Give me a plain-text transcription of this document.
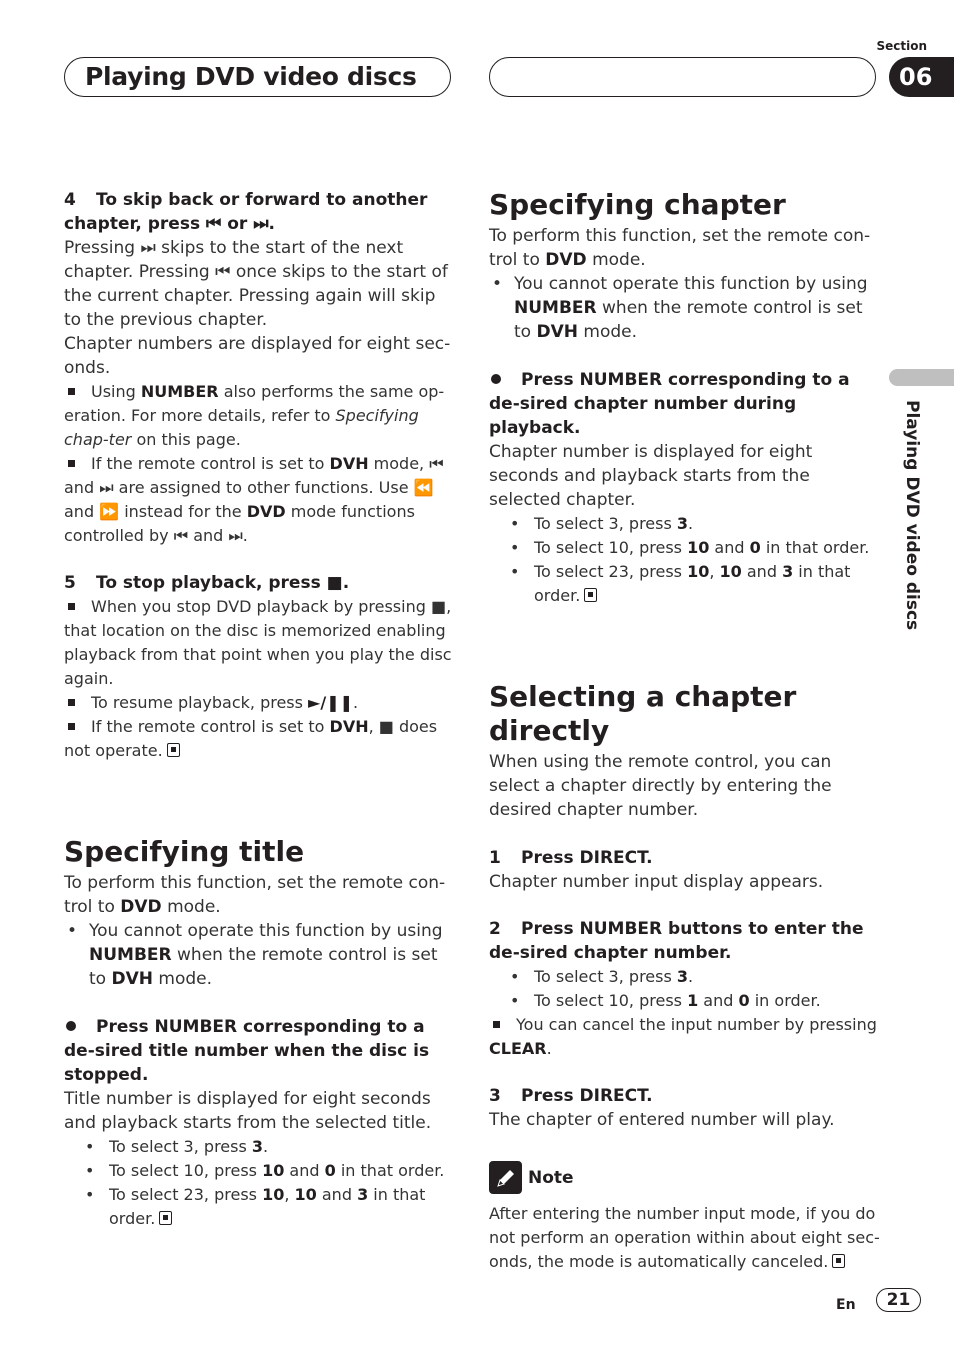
Playing DVD video discs
Section
06
Playing DVD video discs
4 To skip back or forward to another chapter, press ⏮ or ⏭.
Pressing ⏭ skips to the start of the next chapter. Pressing ⏮ once skips to the start of the current chapter. Pressing again will skip to the previous chapter.
Chapter numbers are displayed for eight sec-onds.
Using NUMBER also performs the same op-eration. For more details, refer to Specifying chap-ter on this page.
If the remote control is set to DVH mode, ⏮ and ⏭ are assigned to other functions. Use ⏪ and ⏩ instead for the DVD mode functions controlled by ⏮ and ⏭.
5 To stop playback, press ■.
When you stop DVD playback by pressing ■, that location on the disc is memorized enabling playback from that point when you play the disc again.
To resume playback, press ►/❚❚.
If the remote control is set to DVH, ■ does not operate.
Specifying title
To perform this function, set the remote con-trol to DVD mode.
• You cannot operate this function by using NUMBER when the remote control is set to DVH mode.
Press NUMBER corresponding to a de-sired title number when the disc is stopped.
Title number is displayed for eight seconds and playback starts from the selected title.
• To select 3, press 3.
• To select 10, press 10 and 0 in that order.
• To select 23, press 10, 10 and 3 in that order.
Specifying chapter
To perform this function, set the remote con-trol to DVD mode.
• You cannot operate this function by using NUMBER when the remote control is set to DVH mode.
Press NUMBER corresponding to a de-sired chapter number during playback.
Chapter number is displayed for eight seconds and playback starts from the selected chapter.
• To select 3, press 3.
• To select 10, press 10 and 0 in that order.
• To select 23, press 10, 10 and 3 in that order.
Selecting a chapter directly
When using the remote control, you can select a chapter directly by entering the desired chapter number.
1 Press DIRECT.
Chapter number input display appears.
2 Press NUMBER buttons to enter the de-sired chapter number.
• To select 3, press 3.
• To select 10, press 1 and 0 in order.
You can cancel the input number by pressing CLEAR.
3 Press DIRECT.
The chapter of entered number will play.
Note
After entering the number input mode, if you do not perform an operation within about eight sec-onds, the mode is automatically canceled.
En	21
